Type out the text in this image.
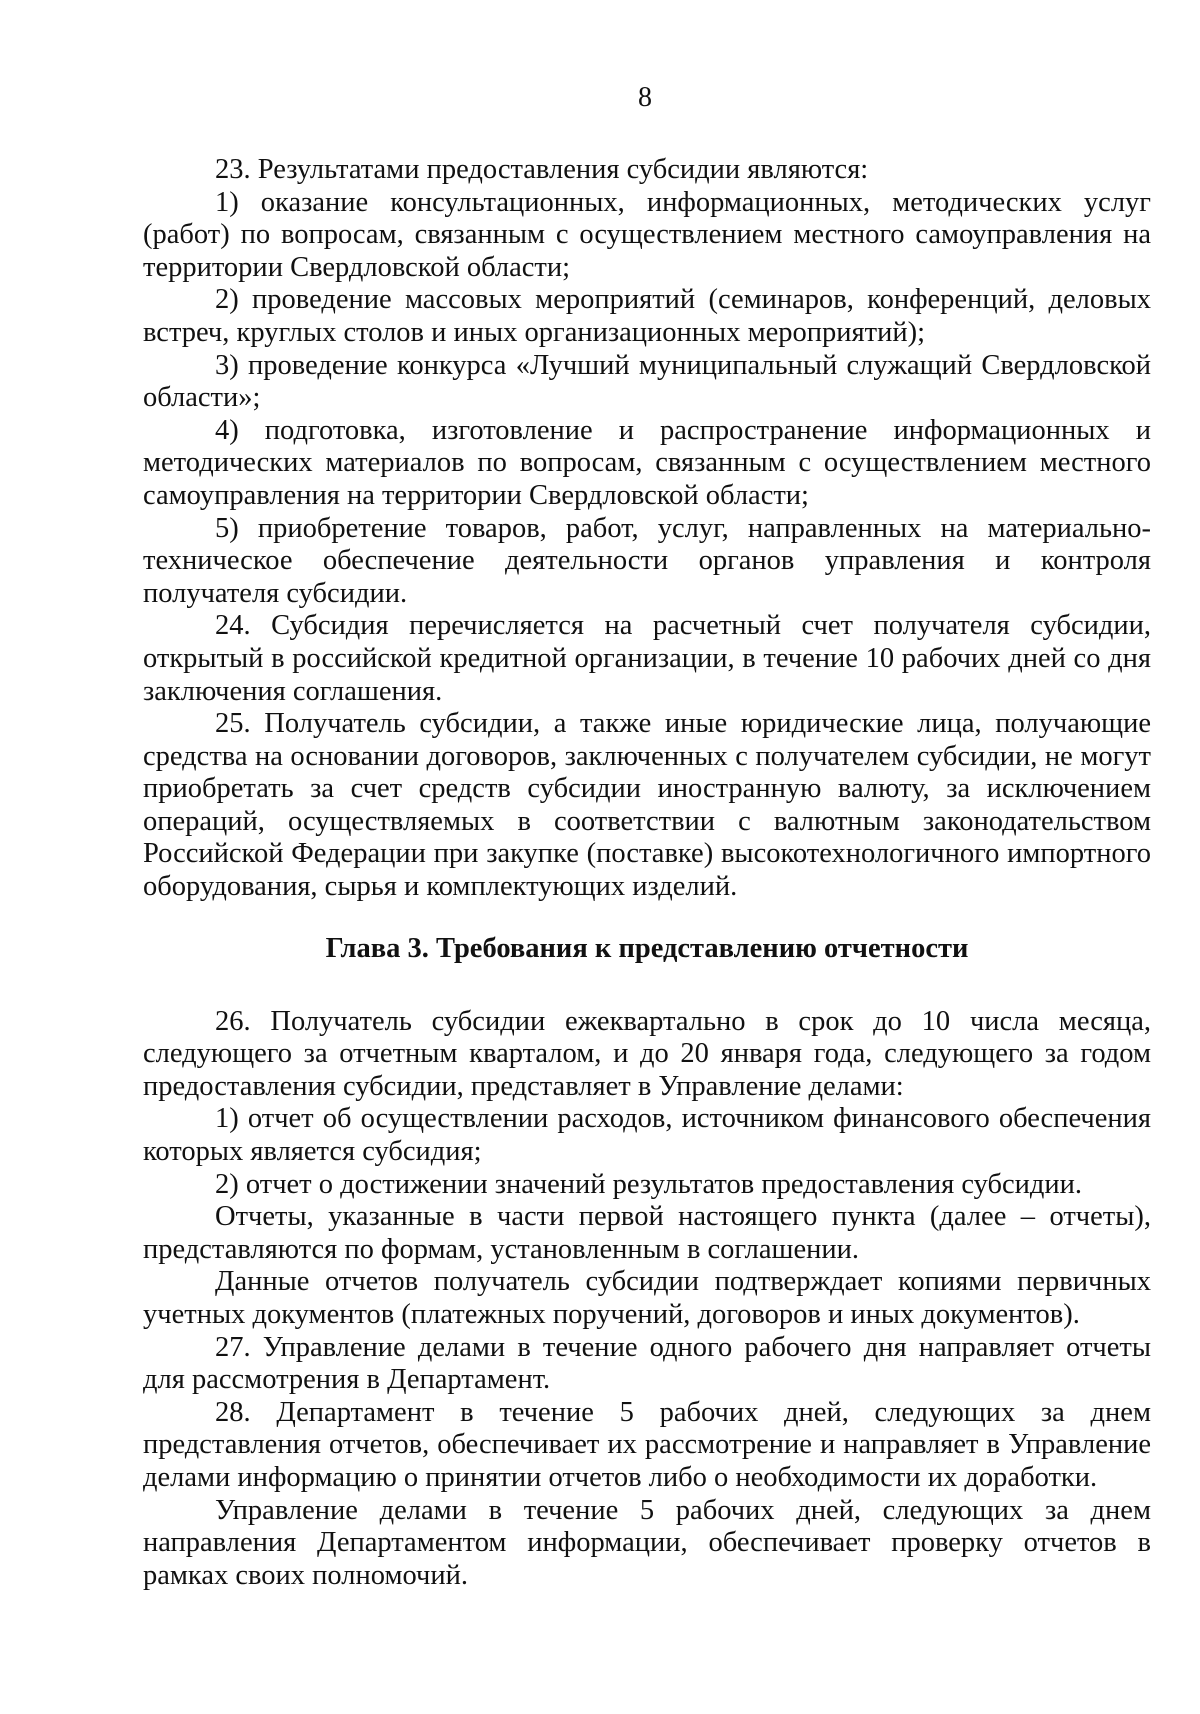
8

23. Результатами предоставления субсидии являются:

1) оказание консультационных, информационных, методических услуг (работ) по вопросам, связанным с осуществлением местного самоуправления на территории Свердловской области;

2) проведение массовых мероприятий (семинаров, конференций, деловых встреч, круглых столов и иных организационных мероприятий);

3) проведение конкурса «Лучший муниципальный служащий Свердловской области»;

4) подготовка, изготовление и распространение информационных и методических материалов по вопросам, связанным с осуществлением местного самоуправления на территории Свердловской области;

5) приобретение товаров, работ, услуг, направленных на материально-техническое обеспечение деятельности органов управления и контроля получателя субсидии.

24. Субсидия перечисляется на расчетный счет получателя субсидии, открытый в российской кредитной организации, в течение 10 рабочих дней со дня заключения соглашения.

25. Получатель субсидии, а также иные юридические лица, получающие средства на основании договоров, заключенных с получателем субсидии, не могут приобретать за счет средств субсидии иностранную валюту, за исключением операций, осуществляемых в соответствии с валютным законодательством Российской Федерации при закупке (поставке) высокотехнологичного импортного оборудования, сырья и комплектующих изделий.

Глава 3. Требования к представлению отчетности

26. Получатель субсидии ежеквартально в срок до 10 числа месяца, следующего за отчетным кварталом, и до 20 января года, следующего за годом предоставления субсидии, представляет в Управление делами:

1) отчет об осуществлении расходов, источником финансового обеспечения которых является субсидия;

2) отчет о достижении значений результатов предоставления субсидии.

Отчеты, указанные в части первой настоящего пункта (далее – отчеты), представляются по формам, установленным в соглашении.

Данные отчетов получатель субсидии подтверждает копиями первичных учетных документов (платежных поручений, договоров и иных документов).

27. Управление делами в течение одного рабочего дня направляет отчеты для рассмотрения в Департамент.

28. Департамент в течение 5 рабочих дней, следующих за днем представления отчетов, обеспечивает их рассмотрение и направляет в Управление делами информацию о принятии отчетов либо о необходимости их доработки.

Управление делами в течение 5 рабочих дней, следующих за днем направления Департаментом информации, обеспечивает проверку отчетов в рамках своих полномочий.
